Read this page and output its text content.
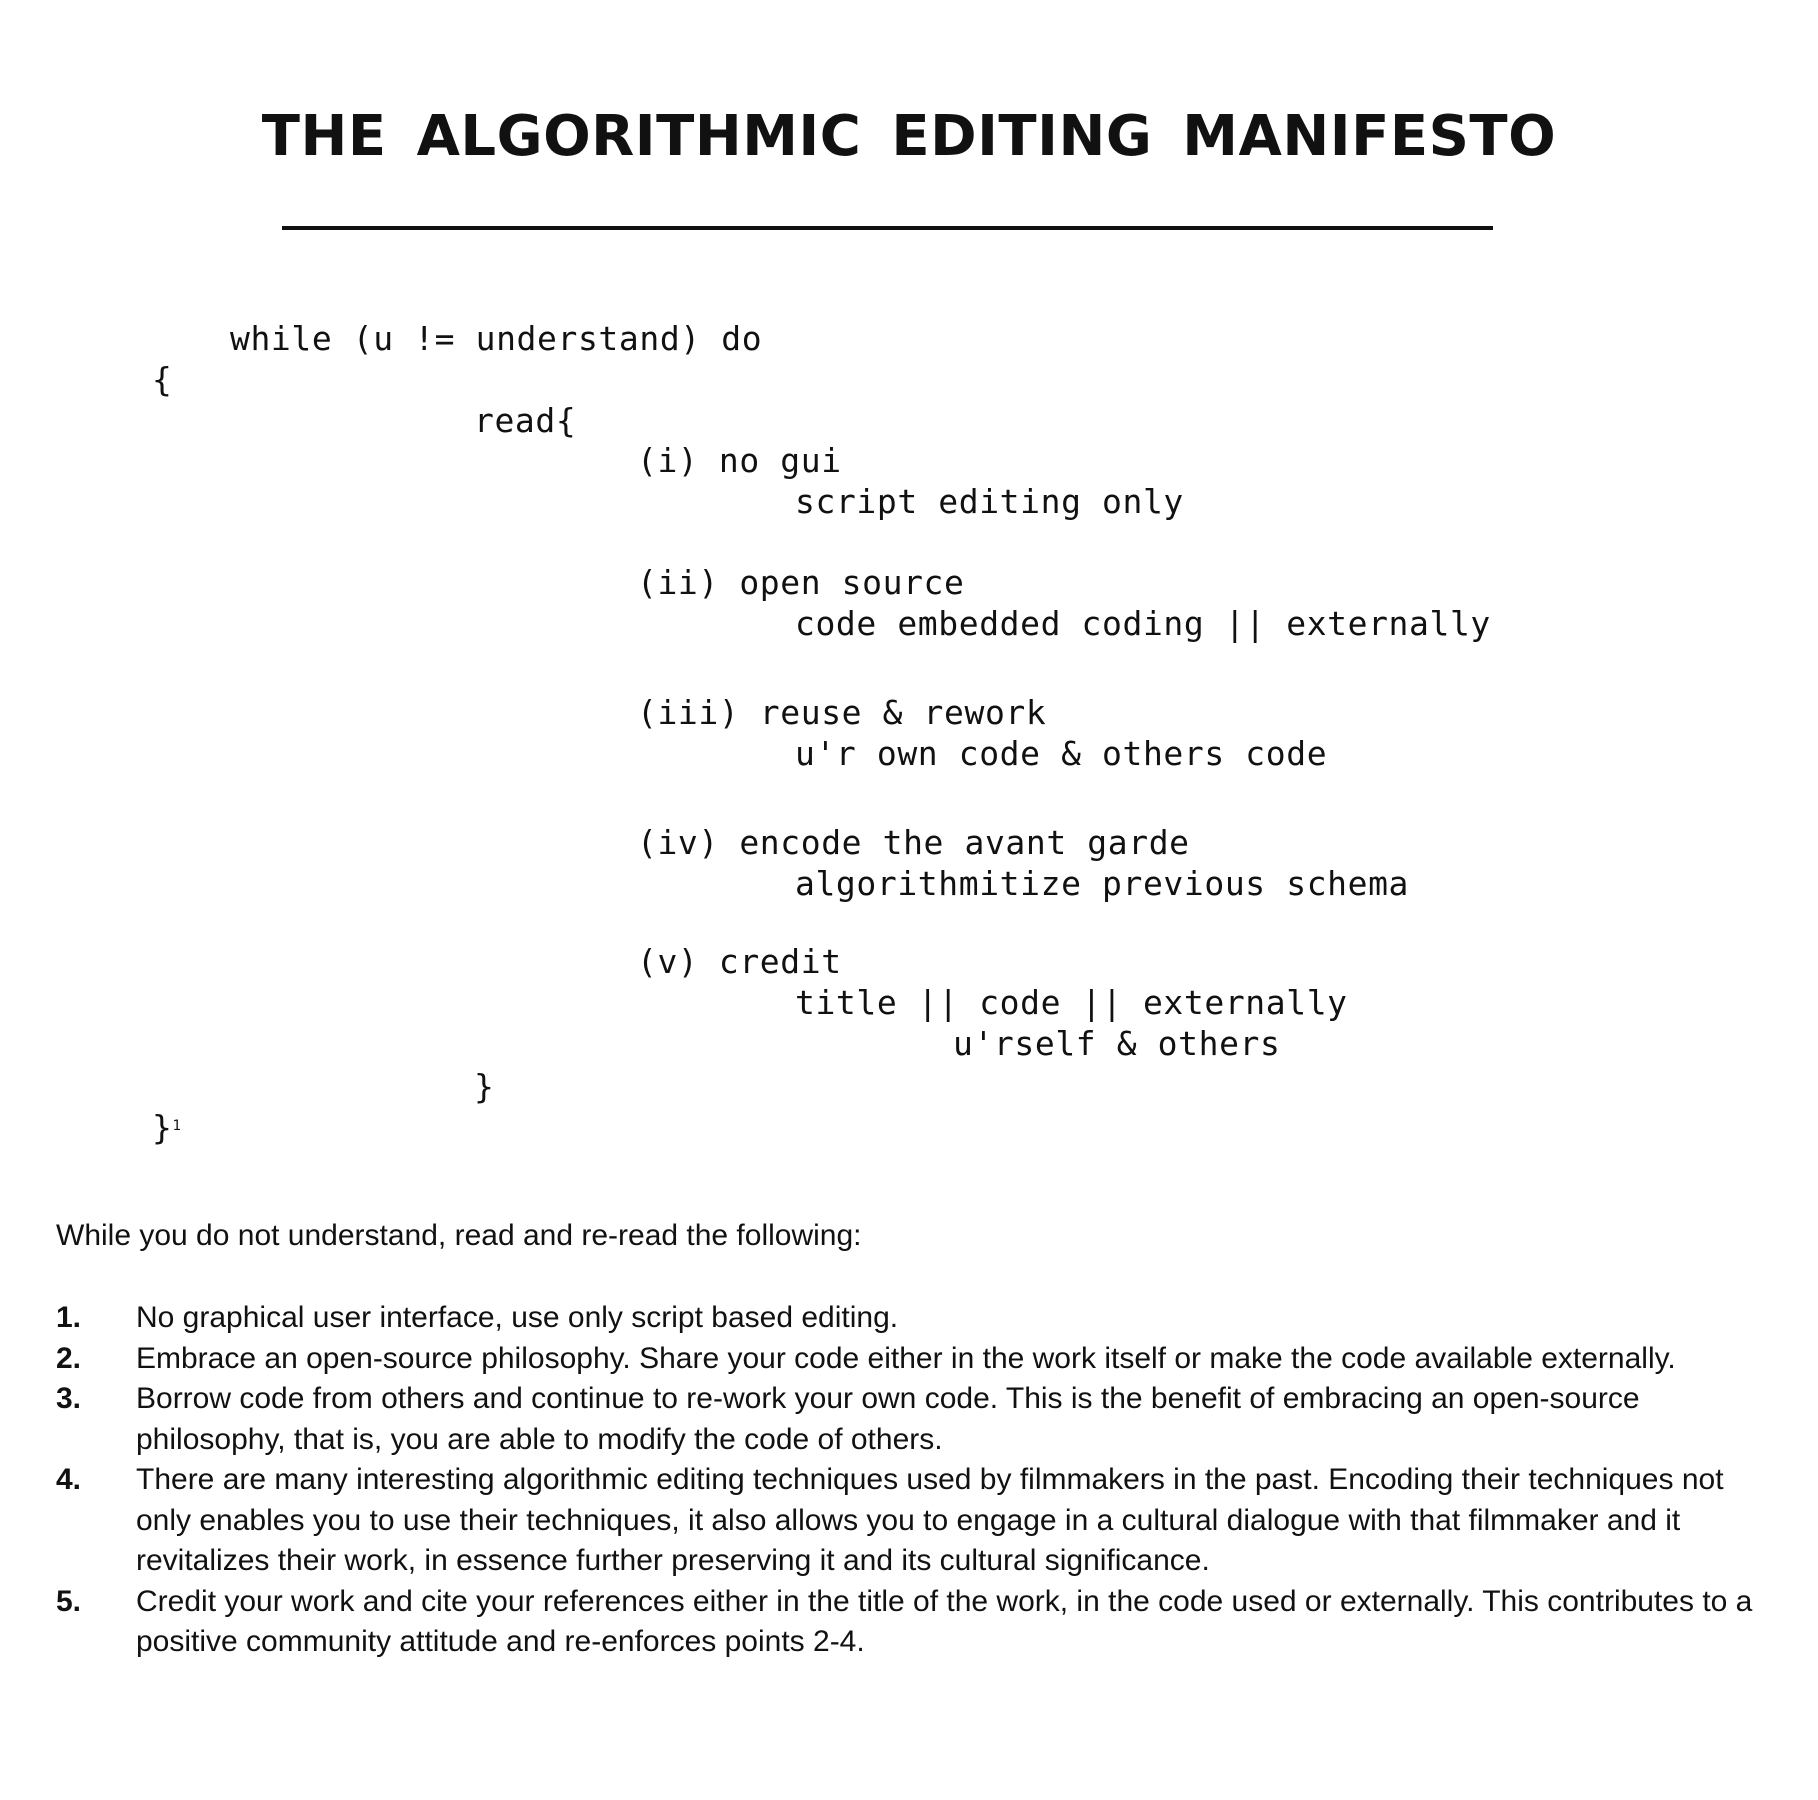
THE ALGORITHMIC EDITING MANIFESTO
while (u != understand) do
{
read{
(i) no gui
script editing only
(ii) open source
code embedded coding || externally
(iii) reuse & rework
u'r own code & others code
(iv) encode the avant garde
algorithmitize previous schema
(v) credit
title || code || externally
u'rself & others
}
}$^1$

While you do not understand, read and re-read the following:

1.	No graphical user interface, use only script based editing.
2.	Embrace an open-source philosophy. Share your code either in the work itself or make the code available externally.
3.	Borrow code from others and continue to re-work your own code. This is the benefit of embracing an open-source philosophy, that is, you are able to modify the code of others.
4.	There are many interesting algorithmic editing techniques used by filmmakers in the past. Encoding their techniques not only enables you to use their techniques, it also allows you to engage in a cultural dialogue with that filmmaker and it revitalizes their work, in essence further preserving it and its cultural significance.
5.	Credit your work and cite your references either in the title of the work, in the code used or externally. This contributes to a positive community attitude and re-enforces points 2-4.
